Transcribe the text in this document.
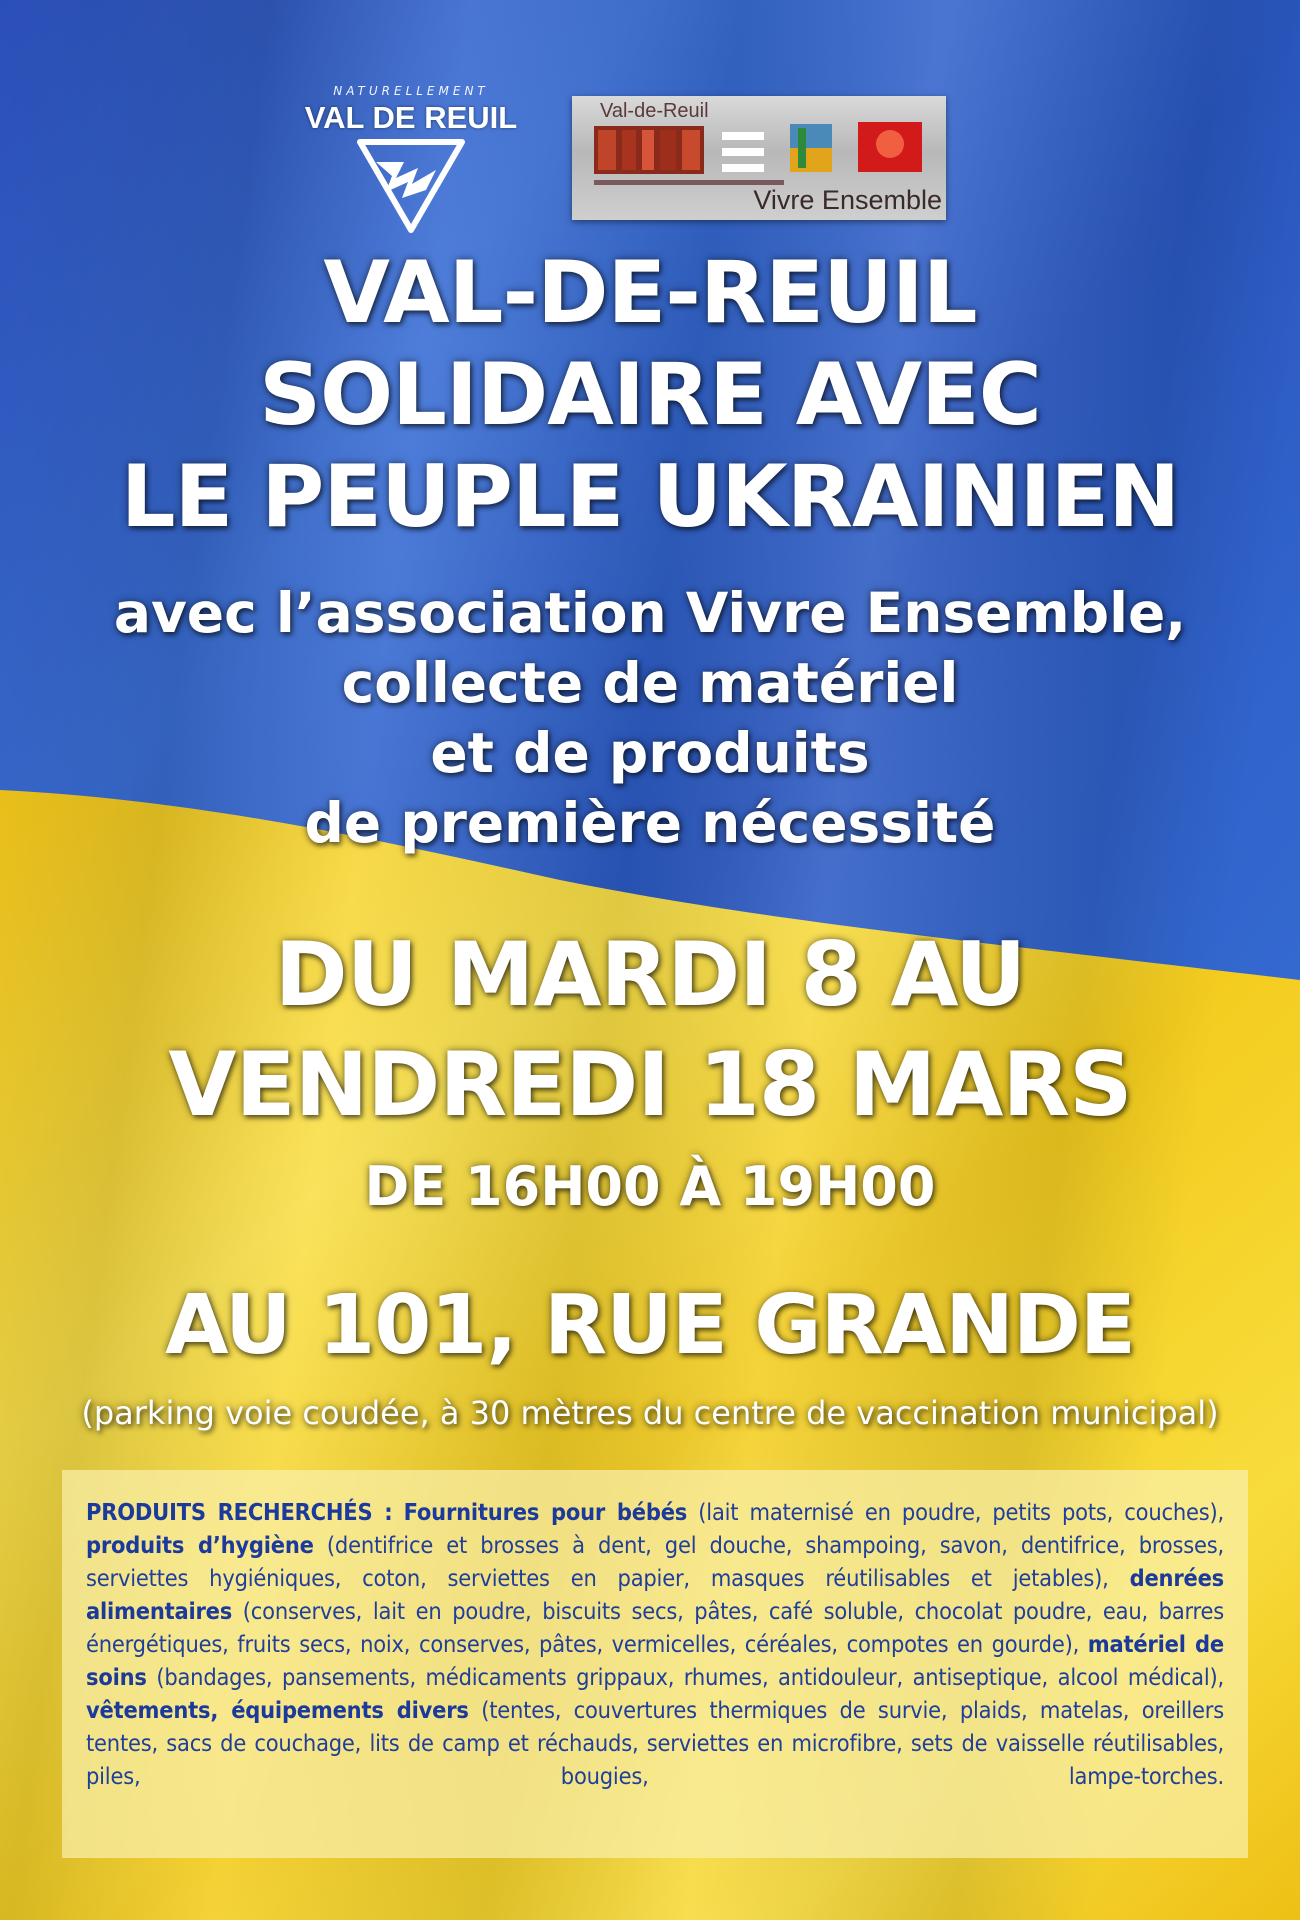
NATURELLEMENT
VAL DE REUIL	Val-de-Reuil
Vivre Ensemble
VAL-DE-REUIL
SOLIDAIRE AVEC
LE PEUPLE UKRAINIEN
avec l’association Vivre Ensemble,
collecte de matériel
et de produits
de première nécessité
DU MARDI 8 AU
VENDREDI 18 MARS
DE 16H00 À 19H00
AU 101, RUE GRANDE
(parking voie coudée, à 30 mètres du centre de vaccination municipal)
PRODUITS RECHERCHÉS : Fournitures pour bébés (lait maternisé en poudre, petits pots, couches), produits d’hygiène (dentifrice et brosses à dent, gel douche, shampoing, savon, dentifrice, brosses, serviettes hygiéniques, coton, serviettes en papier, masques réutilisables et jetables), denrées alimentaires (conserves, lait en poudre, biscuits secs, pâtes, café soluble, chocolat poudre, eau, barres énergétiques, fruits secs, noix, conserves, pâtes, vermicelles, céréales, compotes en gourde), matériel de soins (bandages, pansements, médicaments grippaux, rhumes, antidouleur, antiseptique, alcool médical), vêtements, équipements divers (tentes, couvertures thermiques de survie, plaids, matelas, oreillers tentes, sacs de couchage, lits de camp et réchauds, serviettes en microfibre, sets de vaisselle réutilisables, piles, bougies, lampe-torches.
